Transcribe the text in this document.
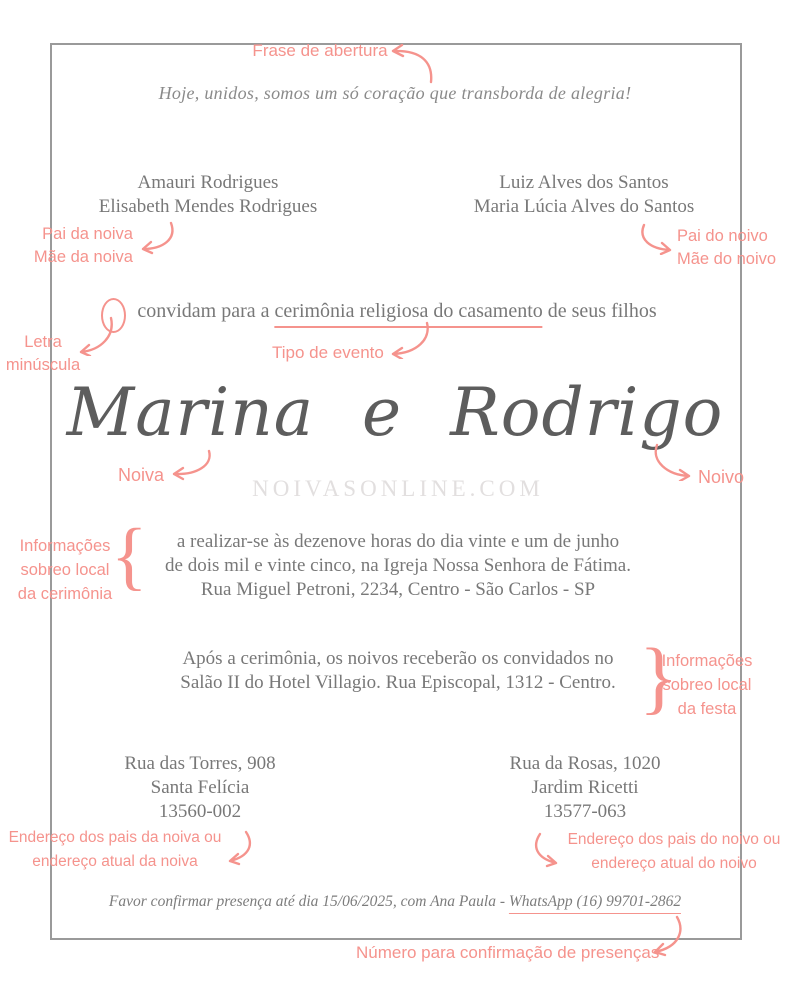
Frase de abertura
Hoje, unidos, somos um só coração que transborda de alegria!
Amauri Rodrigues
Elisabeth Mendes Rodrigues
Luiz Alves dos Santos
Maria Lúcia Alves do Santos
Pai da noiva
Mãe da noiva
Pai do noivo
Mãe do noivo
convidam para a cerimônia religiosa do casamento de seus filhos
Letra
minúscula
Tipo de evento
Marina e Rodrigo
Noiva	Noivo
NOIVASONLINE.COM
{
Informações
sobreo local
da cerimônia
a realizar-se às dezenove horas do dia vinte e um de junho
de dois mil e vinte cinco, na Igreja Nossa Senhora de Fátima.
Rua Miguel Petroni, 2234, Centro - São Carlos - SP
Após a cerimônia, os noivos receberão os convidados no
Salão II do Hotel Villagio. Rua Episcopal, 1312 - Centro. }
Informações
sobreo local
da festa
Rua das Torres, 908
Santa Felícia
13560-002
Rua da Rosas, 1020
Jardim Ricetti
13577-063
Endereço dos pais da noiva ou
endereço atual da noiva
Endereço dos pais do noivo ou
endereço atual do noivo
Favor confirmar presença até dia 15/06/2025, com Ana Paula - WhatsApp (16) 99701-2862
Número para confirmação de presenças
